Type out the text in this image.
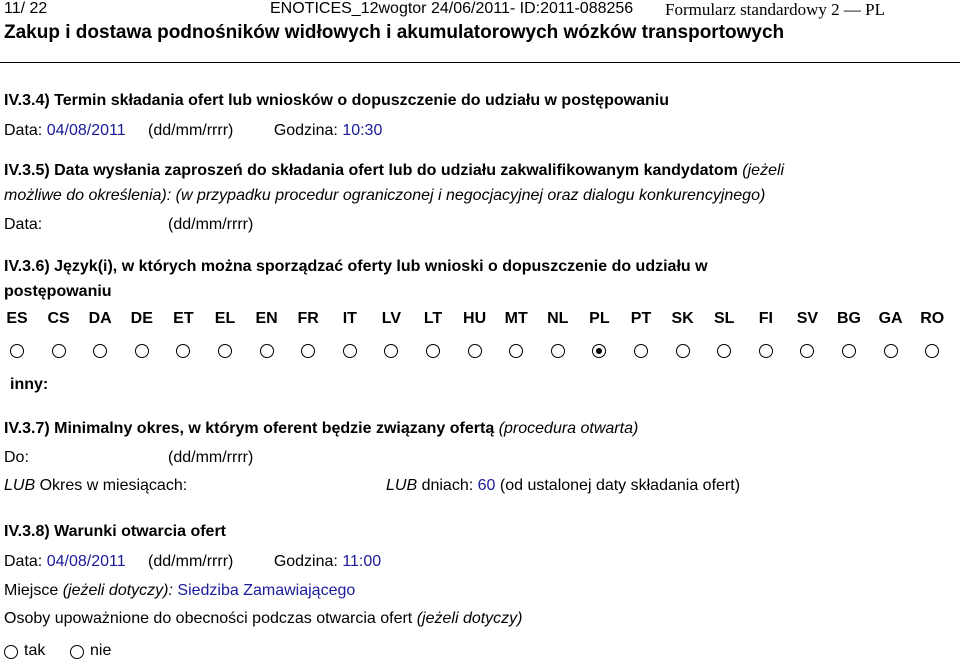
11/ 22	ENOTICES_12wogtor 24/06/2011- ID:2011-088256 Formularz standardowy 2 — PL
Zakup i dostawa podnośników widłowych i akumulatorowych wózków transportowych
IV.3.4) Termin składania ofert lub wniosków o dopuszczenie do udziału w postępowaniu
Data: 04/08/2011 (dd/mm/rrrr)	Godzina: 10:30
IV.3.5) Data wysłania zaproszeń do składania ofert lub do udziału zakwalifikowanym kandydatom (jeżeli
możliwe do określenia): (w przypadku procedur ograniczonej i negocjacyjnej oraz dialogu konkurencyjnego)
Data:	(dd/mm/rrrr)
IV.3.6) Język(i), w których można sporządzać oferty lub wnioski o dopuszczenie do udziału w
postępowaniu
ES	CS	DA	DE	ET	EL	EN	FR	IT	LV	LT	HU	MT	NL	PL	PT	SK	SL	FI	SV	BG	GA	RO
inny:
IV.3.7) Minimalny okres, w którym oferent będzie związany ofertą (procedura otwarta)
Do:	(dd/mm/rrrr)
LUB Okres w miesiącach:	LUB dniach: 60 (od ustalonej daty składania ofert)
IV.3.8) Warunki otwarcia ofert
Data: 04/08/2011 (dd/mm/rrrr)	Godzina: 11:00
Miejsce (jeżeli dotyczy): Siedziba Zamawiającego
Osoby upoważnione do obecności podczas otwarcia ofert (jeżeli dotyczy)
tak	nie
